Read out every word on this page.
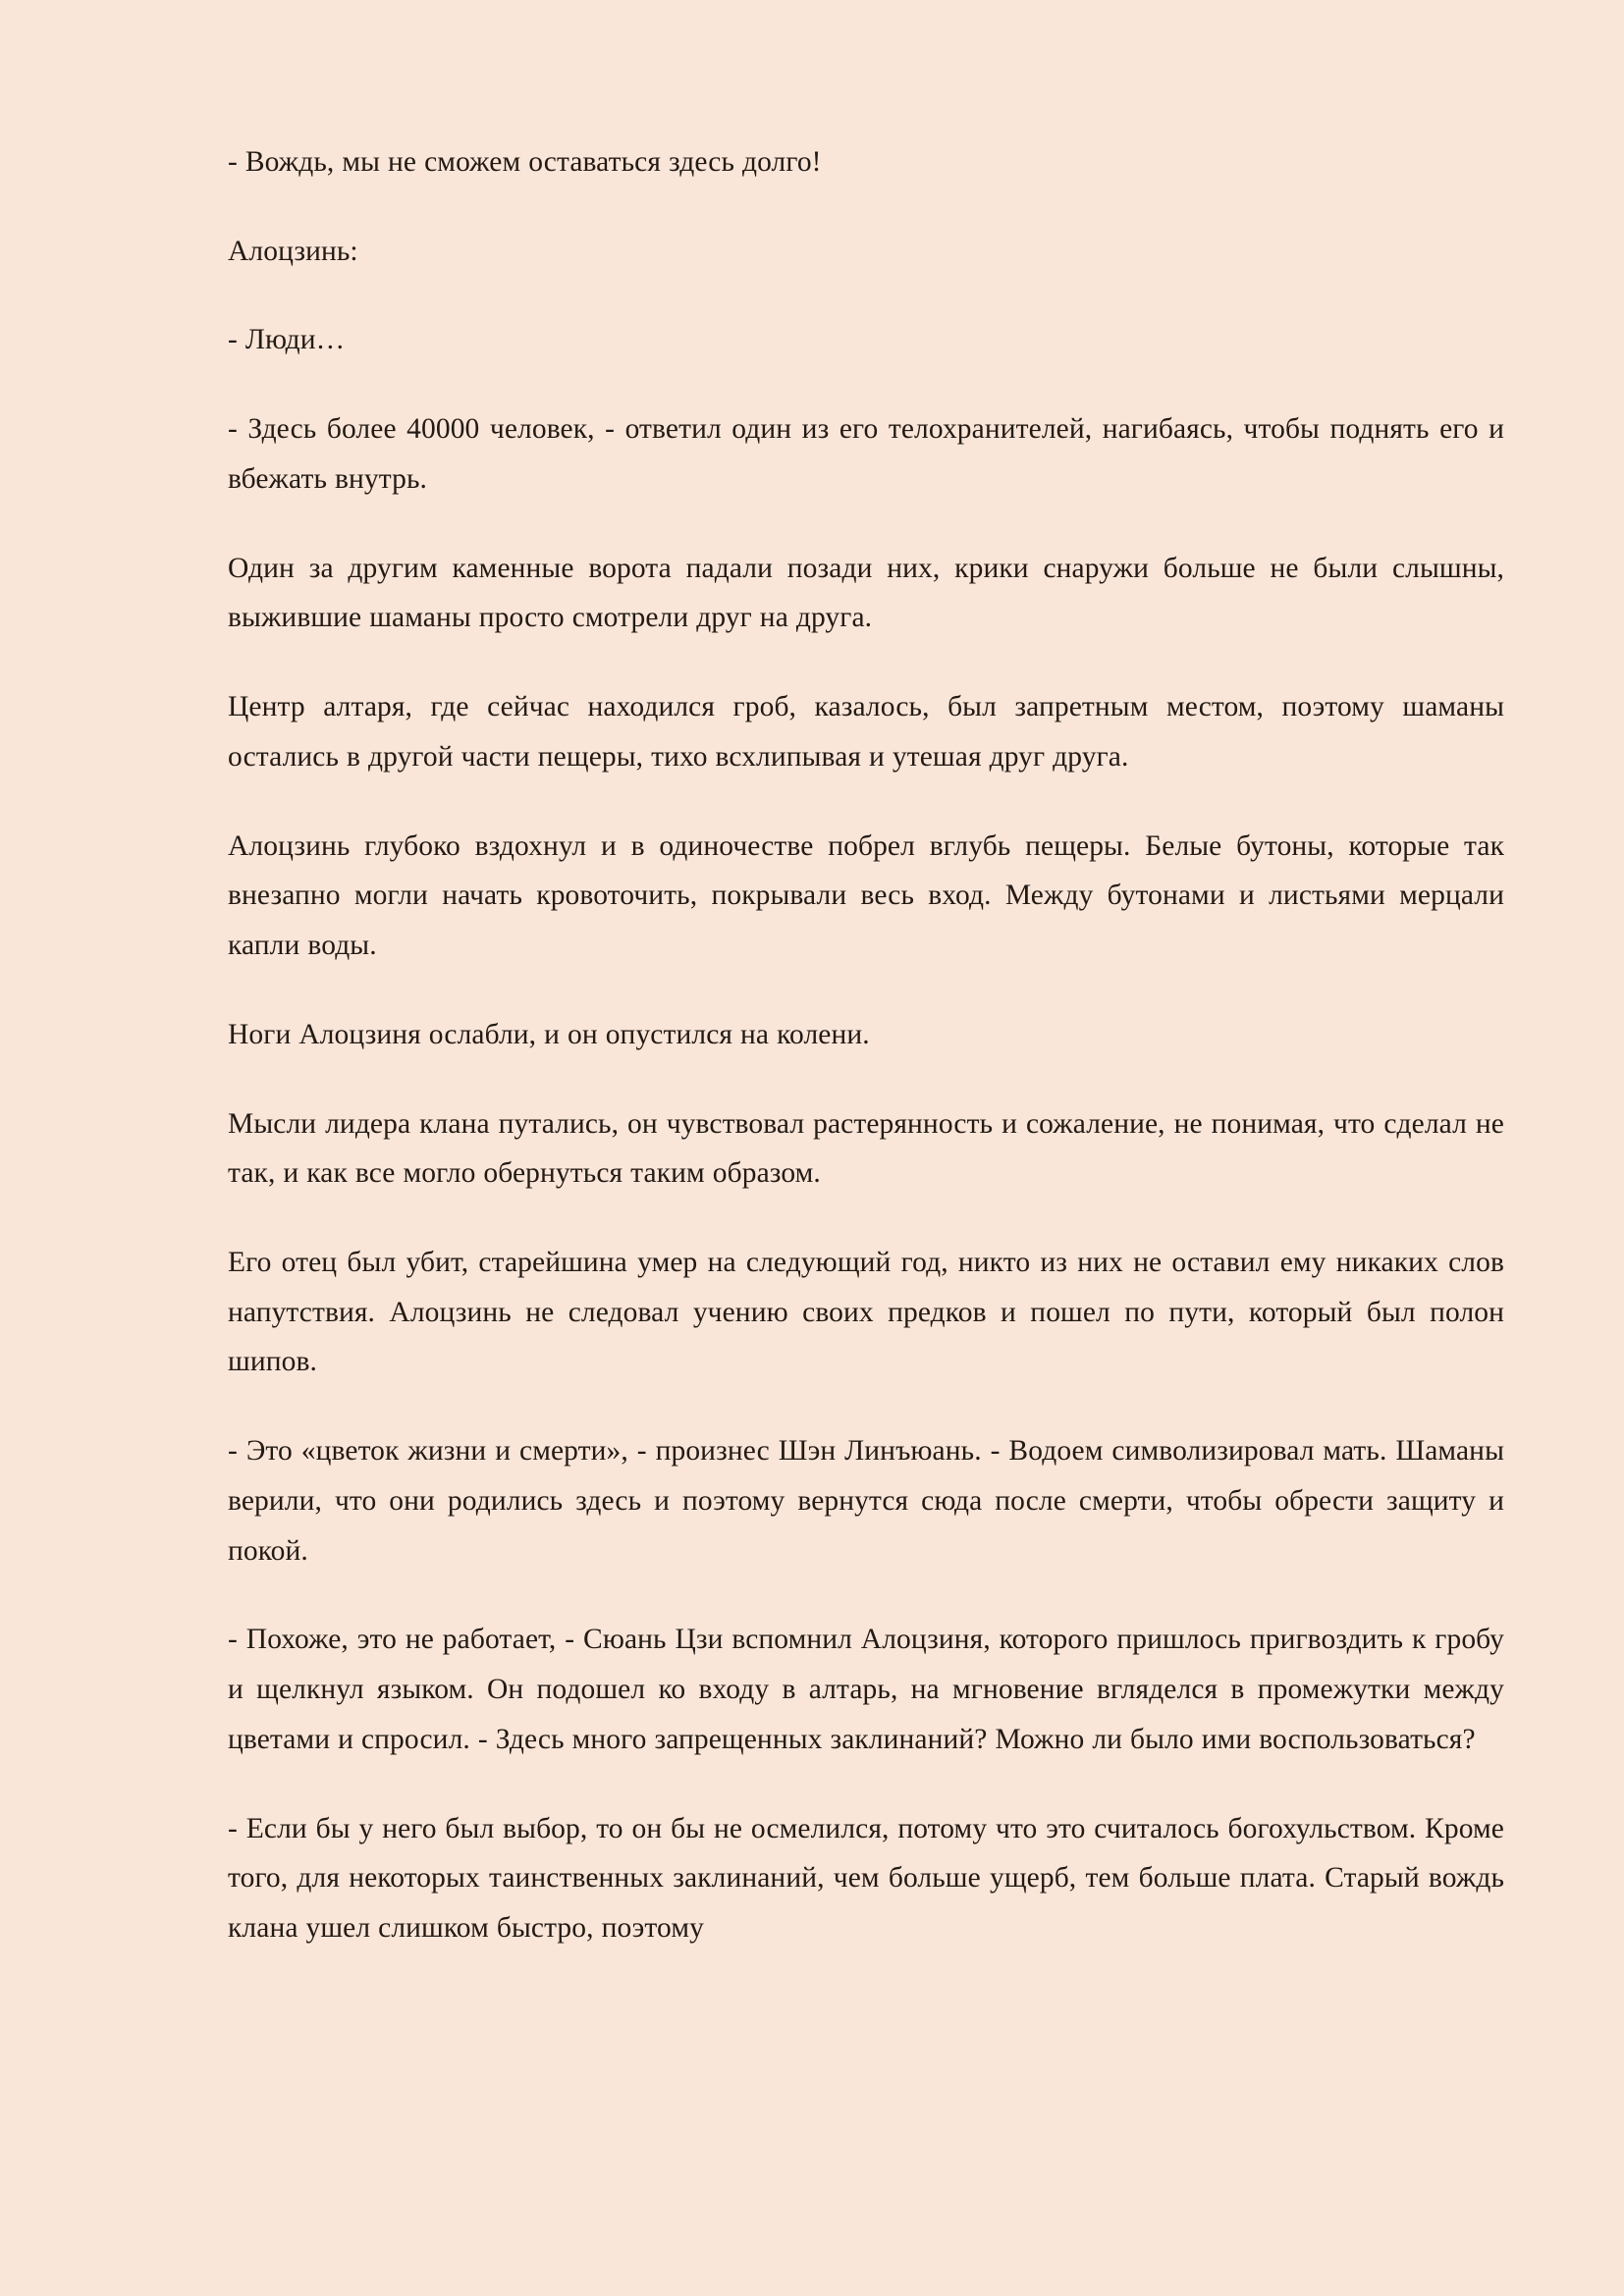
- Вождь, мы не сможем оставаться здесь долго!

Алоцзинь:

- Люди…

- Здесь более 40000 человек, - ответил один из его телохранителей, нагибаясь, чтобы поднять его и вбежать внутрь.

Один за другим каменные ворота падали позади них, крики снаружи больше не были слышны, выжившие шаманы просто смотрели друг на друга.

Центр алтаря, где сейчас находился гроб, казалось, был запретным местом, поэтому шаманы остались в другой части пещеры, тихо всхлипывая и утешая друг друга.

Алоцзинь глубоко вздохнул и в одиночестве побрел вглубь пещеры. Белые бутоны, которые так внезапно могли начать кровоточить, покрывали весь вход. Между бутонами и листьями мерцали капли воды.

Ноги Алоцзиня ослабли, и он опустился на колени.

Мысли лидера клана путались, он чувствовал растерянность и сожаление, не понимая, что сделал не так, и как все могло обернуться таким образом.

Его отец был убит, старейшина умер на следующий год, никто из них не оставил ему никаких слов напутствия. Алоцзинь не следовал учению своих предков и пошел по пути, который был полон шипов.

- Это «цветок жизни и смерти», - произнес Шэн Линъюань. - Водоем символизировал мать. Шаманы верили, что они родились здесь и поэтому вернутся сюда после смерти, чтобы обрести защиту и покой.

- Похоже, это не работает, - Сюань Цзи вспомнил Алоцзиня, которого пришлось пригвоздить к гробу и щелкнул языком. Он подошел ко входу в алтарь, на мгновение вгляделся в промежутки между цветами и спросил. - Здесь много запрещенных заклинаний? Можно ли было ими воспользоваться?

- Если бы у него был выбор, то он бы не осмелился, потому что это считалось богохульством. Кроме того, для некоторых таинственных заклинаний, чем больше ущерб, тем больше плата. Старый вождь клана ушел слишком быстро, поэтому
